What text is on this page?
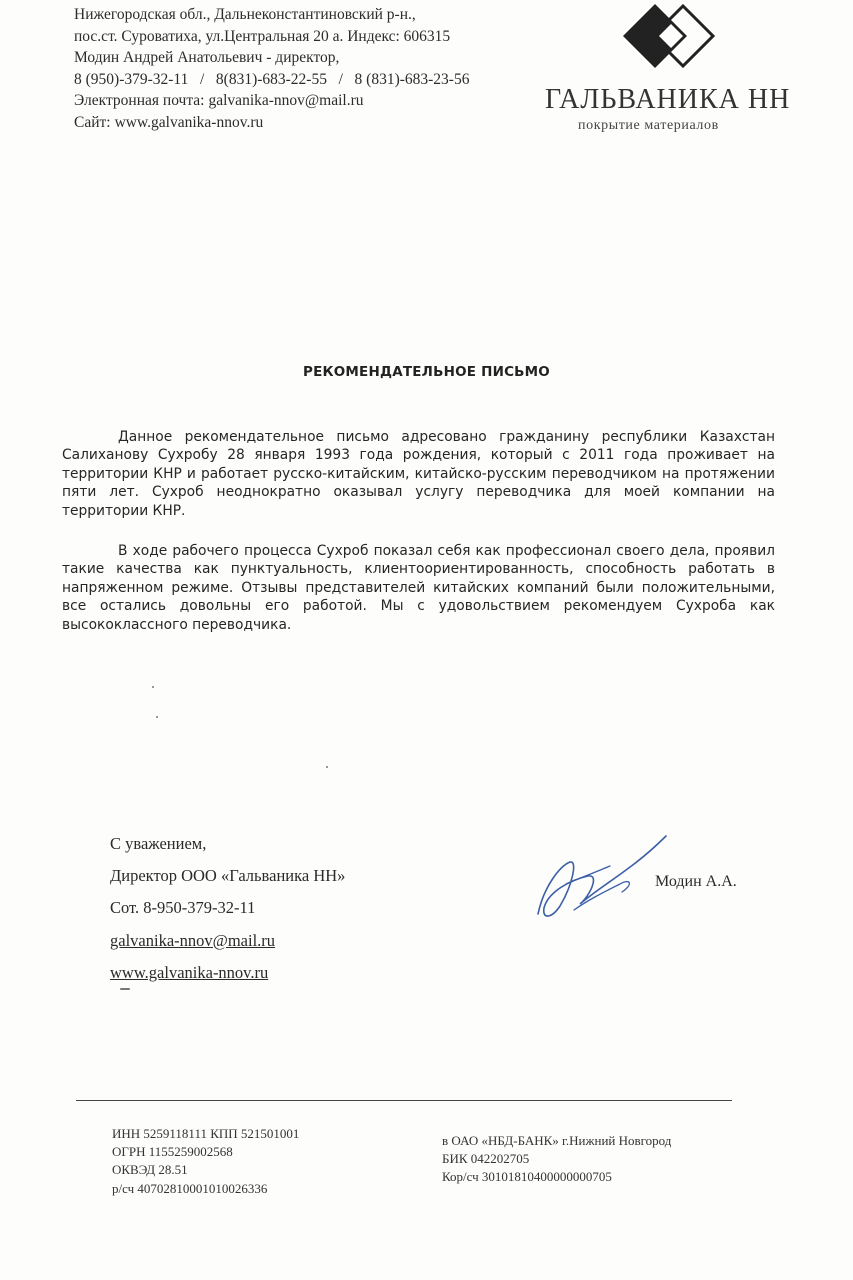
Нижегородская обл., Дальнеконстантиновский р-н.,
пос.ст. Суроватиха, ул.Центральная 20 а. Индекс: 606315
Модин Андрей Анатольевич - директор,
8 (950)-379-32-11   /   8(831)-683-22-55   /   8 (831)-683-23-56
Электронная почта: galvanika-nnov@mail.ru
Сайт: www.galvanika-nnov.ru
ГАЛЬВАНИКА НН
покрытие материалов
РЕКОМЕНДАТЕЛЬНОЕ ПИСЬМО

Данное рекомендательное письмо адресовано гражданину республики Казахстан Салиханову Сухробу 28 января 1993 года рождения, который с 2011 года проживает на территории КНР и работает русско-китайским, китайско-русским переводчиком на протяжении пяти лет. Сухроб неоднократно оказывал услугу переводчика для моей компании на территории КНР.

В ходе рабочего процесса Сухроб показал себя как профессионал своего дела, проявил такие качества как пунктуальность, клиентоориентированность, способность работать в напряженном режиме. Отзывы представителей китайских компаний были положительными, все остались довольны его работой. Мы с удовольствием рекомендуем Сухроба как высококлассного переводчика.

С уважением,
Директор ООО «Гальваника НН»
Сот. 8-950-379-32-11
galvanika-nnov@mail.ru
www.galvanika-nnov.ru
Модин А.А.
ИНН 5259118111 КПП 521501001
ОГРН 1155259002568
ОКВЭД 28.51
р/сч 40702810001010026336
в ОАО «НБД-БАНК» г.Нижний Новгород
БИК 042202705
Кор/сч 30101810400000000705
